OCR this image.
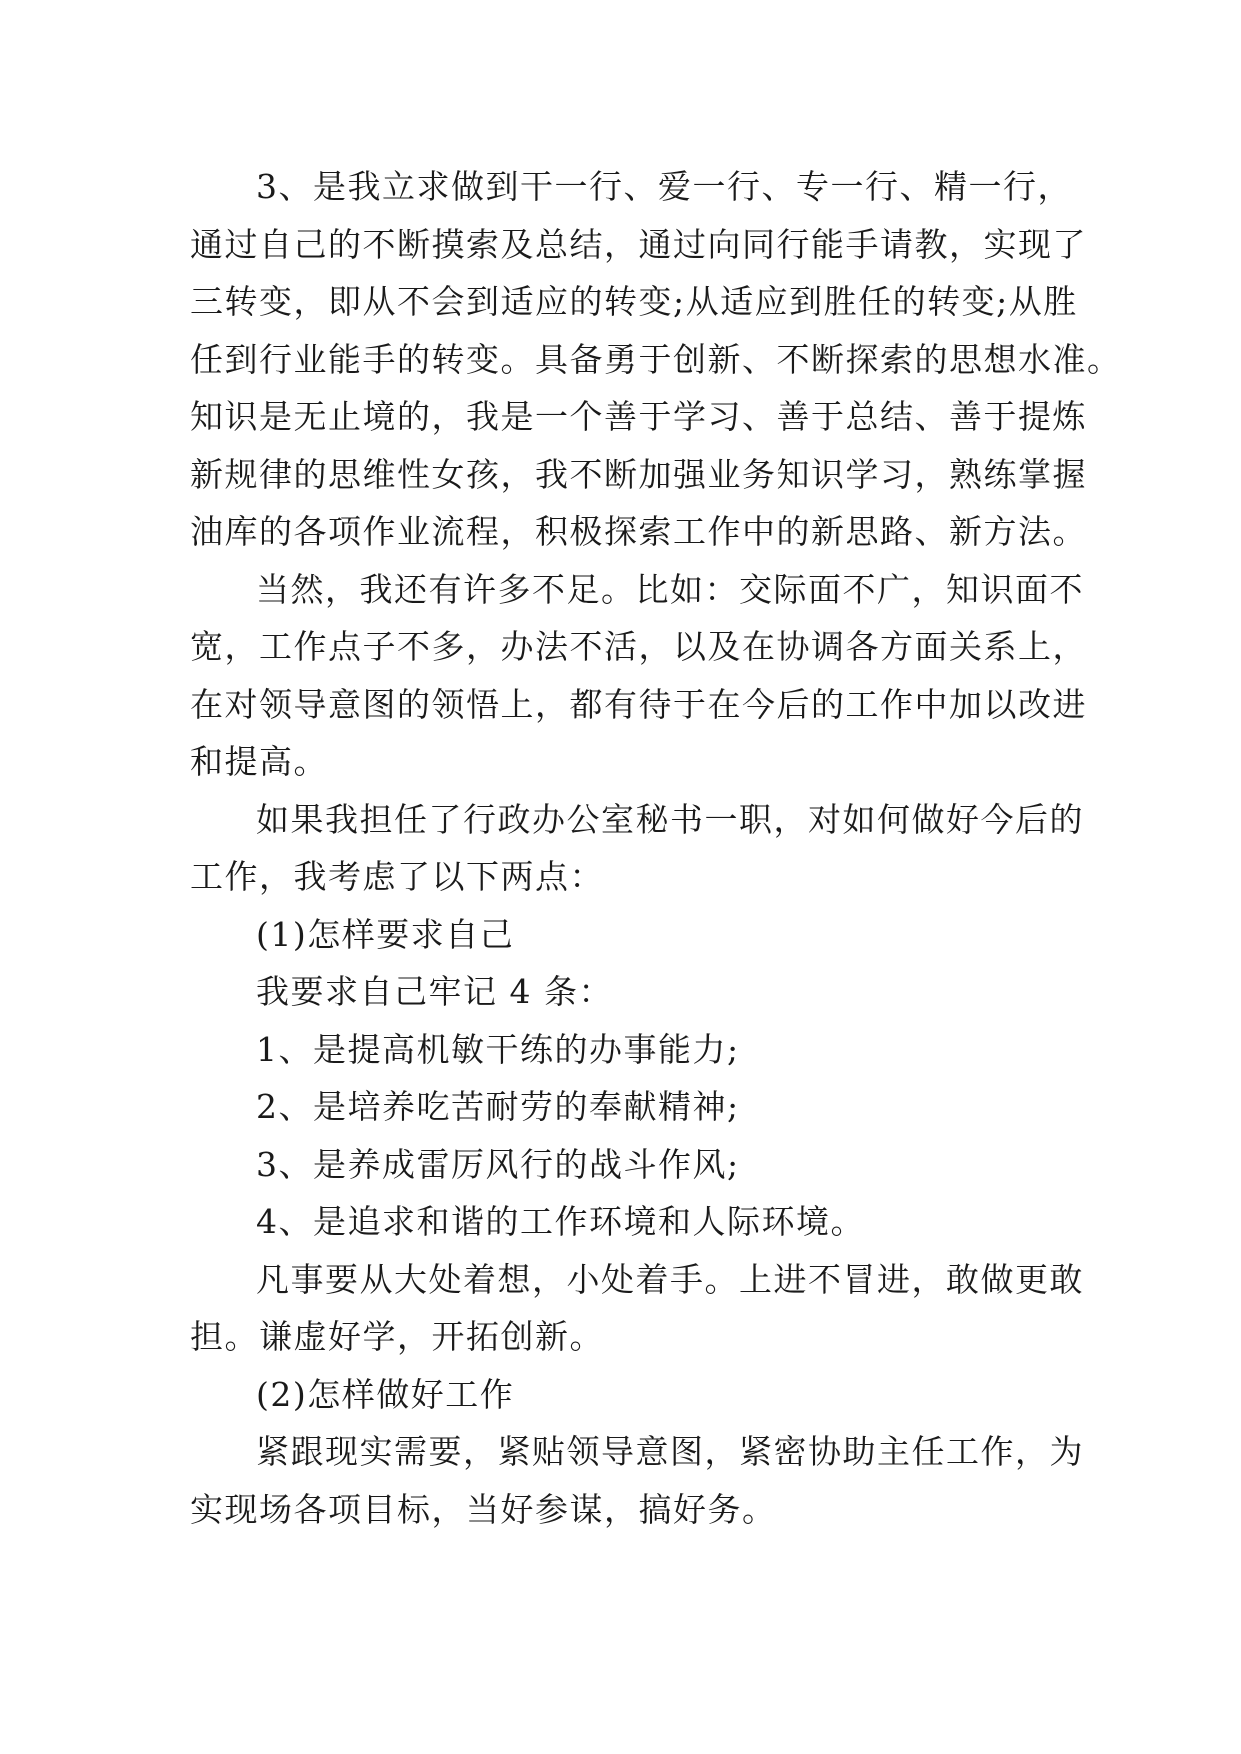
3、是我立求做到干一行、爱一行、专一行、精一行，
通过自己的不断摸索及总结，通过向同行能手请教，实现了
三转变，即从不会到适应的转变;从适应到胜任的转变;从胜
任到行业能手的转变。具备勇于创新、不断探索的思想水准。
知识是无止境的，我是一个善于学习、善于总结、善于提炼
新规律的思维性女孩，我不断加强业务知识学习，熟练掌握
油库的各项作业流程，积极探索工作中的新思路、新方法。
当然，我还有许多不足。比如：交际面不广，知识面不
宽，工作点子不多，办法不活，以及在协调各方面关系上，
在对领导意图的领悟上，都有待于在今后的工作中加以改进
和提高。
如果我担任了行政办公室秘书一职，对如何做好今后的
工作，我考虑了以下两点：
(1)怎样要求自己
我要求自己牢记 4 条：
1、是提高机敏干练的办事能力;
2、是培养吃苦耐劳的奉献精神;
3、是养成雷厉风行的战斗作风;
4、是追求和谐的工作环境和人际环境。
凡事要从大处着想，小处着手。上进不冒进，敢做更敢
担。谦虚好学，开拓创新。
(2)怎样做好工作
紧跟现实需要，紧贴领导意图，紧密协助主任工作，为
实现场各项目标，当好参谋，搞好务。
